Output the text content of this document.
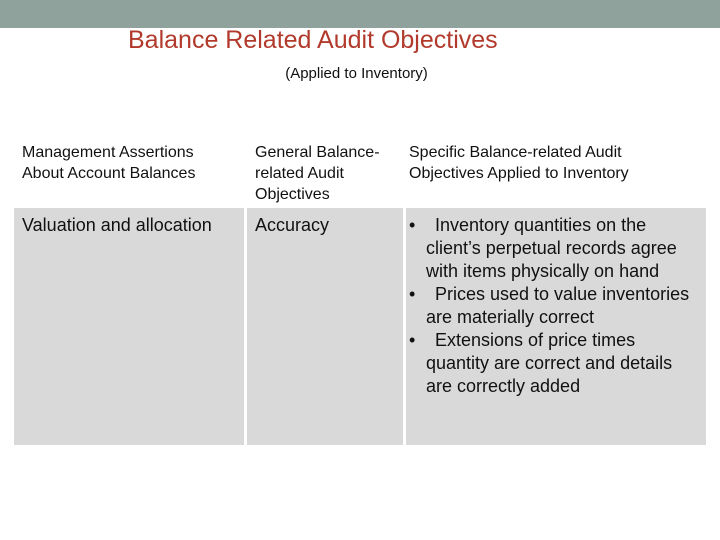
Balance Related Audit Objectives
(Applied to Inventory)
Management Assertions About Account Balances
General Balance-related Audit Objectives
Specific Balance-related Audit Objectives Applied to Inventory
Valuation and allocation	Accuracy
•	Inventory quantities on the client’s perpetual records agree with items physically on hand
• Prices used to value inventories are materially correct
• Extensions of price times quantity are correct and details are correctly added
